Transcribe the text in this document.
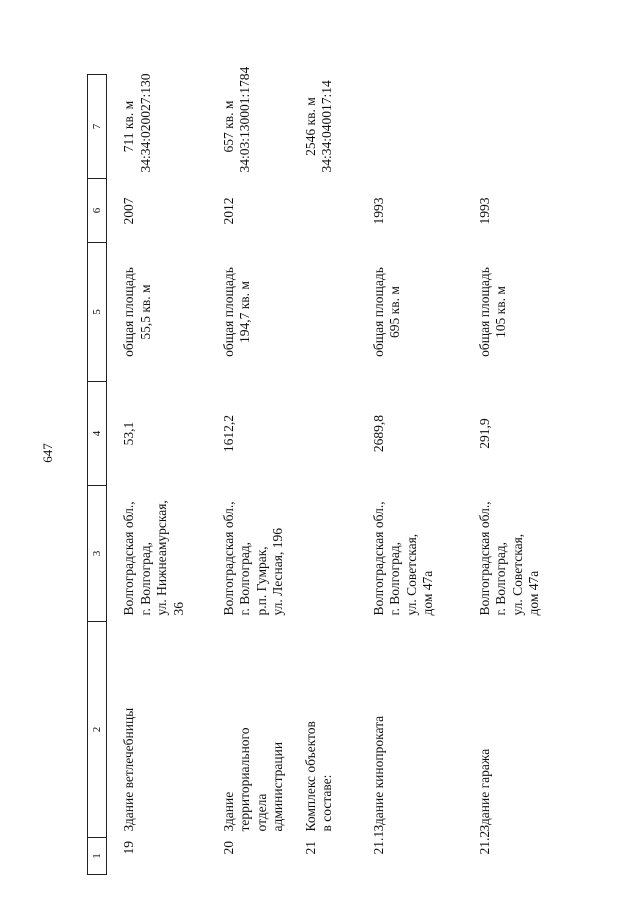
647
1	2	3	4	5	6	7
19	Здание ветлечебницы	Волгоградская обл., г. Волгоград, ул. Нижнеамурская, 36	53,1	общая площадь 55,5 кв. м	2007	711 кв. м 34:34:020027:130

20	Здание территориального отдела администрации	Волгоградская обл., г. Волгоград, р.п. Гумрак, ул. Лесная, 196	1612,2	общая площадь 194,7 кв. м	2012	657 кв. м 34:03:130001:1784

21	Комплекс объектов в составе:					2546 кв. м 34:34:040017:14

21.1	Здание кинопроката	Волгоградская обл., г. Волгоград, ул. Советская, дом 47а	2689,8	общая площадь 695 кв. м	1993	
21.2	Здание гаража	Волгоградская обл., г. Волгоград, ул. Советская, дом 47а	291,9	общая площадь 105 кв. м	1993	
